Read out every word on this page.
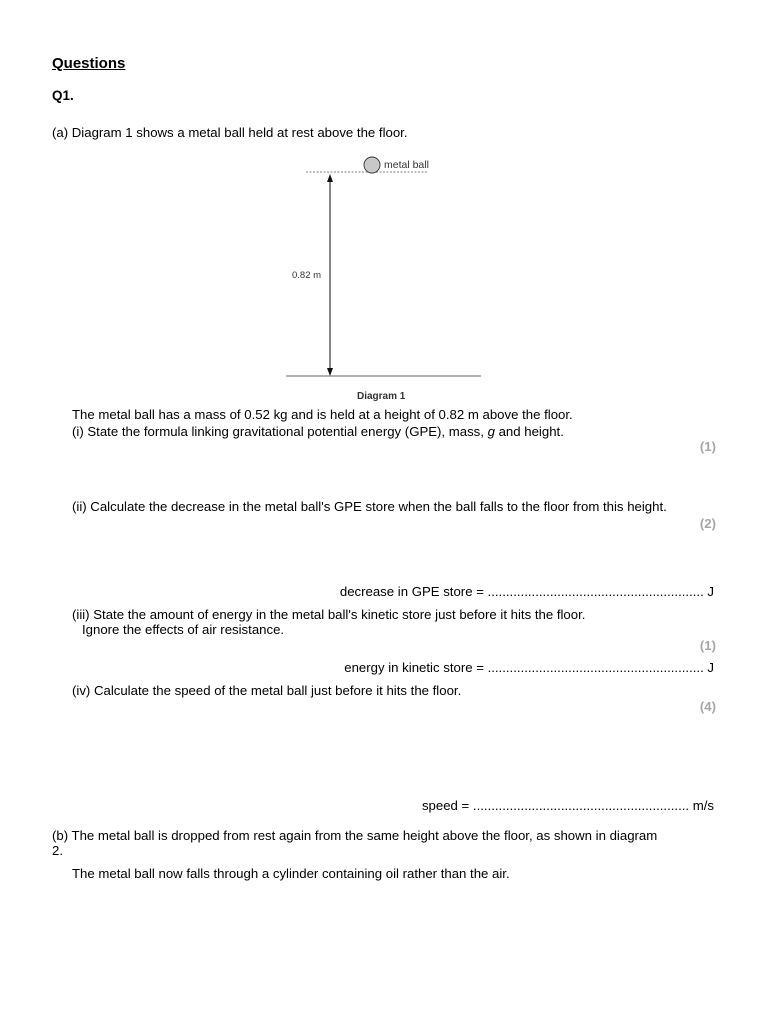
Questions
Q1.
(a) Diagram 1 shows a metal ball held at rest above the floor.
metal ball
0.82 m
Diagram 1
The metal ball has a mass of 0.52 kg and is held at a height of 0.82 m above the floor.
(i) State the formula linking gravitational potential energy (GPE), mass, g and height.
(1)
(ii) Calculate the decrease in the metal ball's GPE store when the ball falls to the floor from this height.
(2)
decrease in GPE store = ........................................................... J
(iii) State the amount of energy in the metal ball's kinetic store just before it hits the floor.
Ignore the effects of air resistance.
(1)
energy in kinetic store = ........................................................... J
(iv) Calculate the speed of the metal ball just before it hits the floor.
(4)
speed = ........................................................... m/s
(b) The metal ball is dropped from rest again from the same height above the floor, as shown in diagram
2.
The metal ball now falls through a cylinder containing oil rather than the air.
